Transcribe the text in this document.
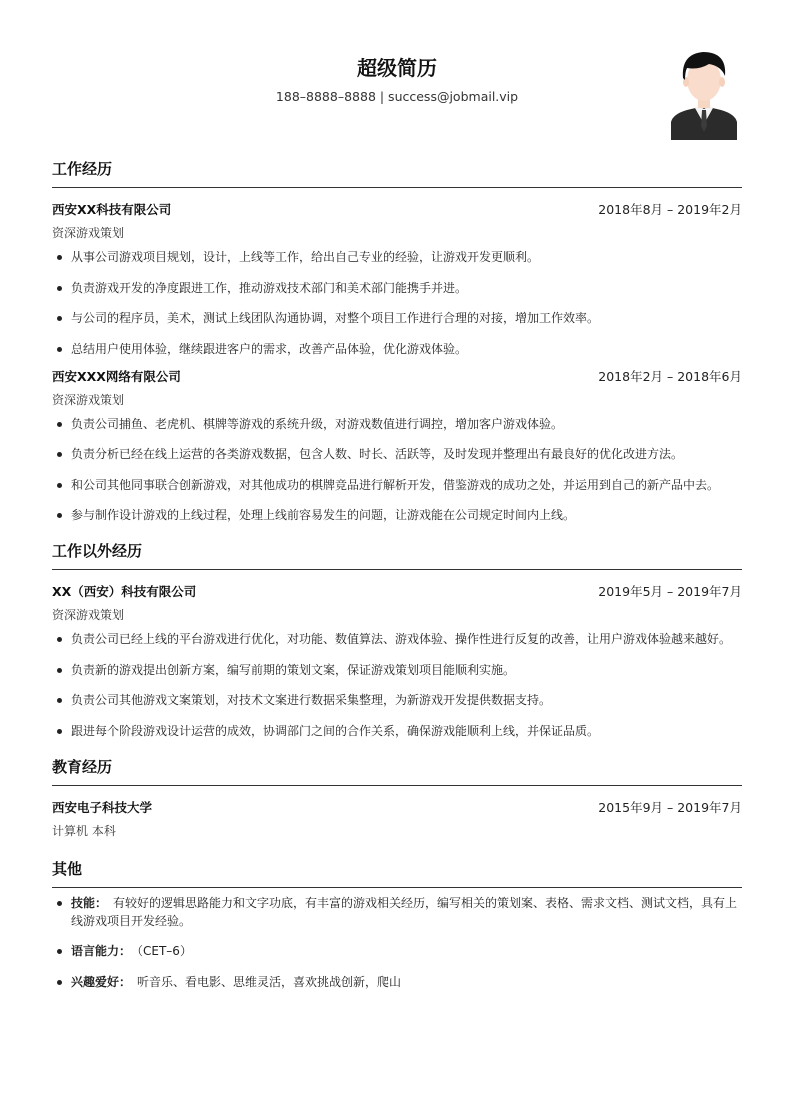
超级简历
188–8888–8888 | success@jobmail.vip
工作经历
西安XX科技有限公司	2018年8月 – 2019年2月
资深游戏策划
从事公司游戏项目规划，设计，上线等工作，给出自己专业的经验，让游戏开发更顺利。
负责游戏开发的净度跟进工作，推动游戏技术部门和美术部门能携手并进。
与公司的程序员，美术，测试上线团队沟通协调，对整个项目工作进行合理的对接，增加工作效率。
总结用户使用体验，继续跟进客户的需求，改善产品体验，优化游戏体验。
西安XXX网络有限公司	2018年2月 – 2018年6月
资深游戏策划
负责公司捕鱼、老虎机、棋牌等游戏的系统升级，对游戏数值进行调控，增加客户游戏体验。
负责分析已经在线上运营的各类游戏数据，包含人数、时长、活跃等，及时发现并整理出有最良好的优化改进方法。
和公司其他同事联合创新游戏，对其他成功的棋牌竞品进行解析开发，借鉴游戏的成功之处，并运用到自己的新产品中去。
参与制作设计游戏的上线过程，处理上线前容易发生的问题，让游戏能在公司规定时间内上线。
工作以外经历
XX（西安）科技有限公司	2019年5月 – 2019年7月
资深游戏策划
负责公司已经上线的平台游戏进行优化，对功能、数值算法、游戏体验、操作性进行反复的改善，让用户游戏体验越来越好。
负责新的游戏提出创新方案，编写前期的策划文案，保证游戏策划项目能顺利实施。
负责公司其他游戏文案策划，对技术文案进行数据采集整理，为新游戏开发提供数据支持。
跟进每个阶段游戏设计运营的成效，协调部门之间的合作关系，确保游戏能顺利上线，并保证品质。
教育经历
西安电子科技大学	2015年9月 – 2019年7月
计算机 本科
其他
技能： 有较好的逻辑思路能力和文字功底，有丰富的游戏相关经历，编写相关的策划案、表格、需求文档、测试文档，具有上线游戏项目开发经验。
语言能力： （CET–6）
兴趣爱好： 听音乐、看电影、思维灵活，喜欢挑战创新，爬山
